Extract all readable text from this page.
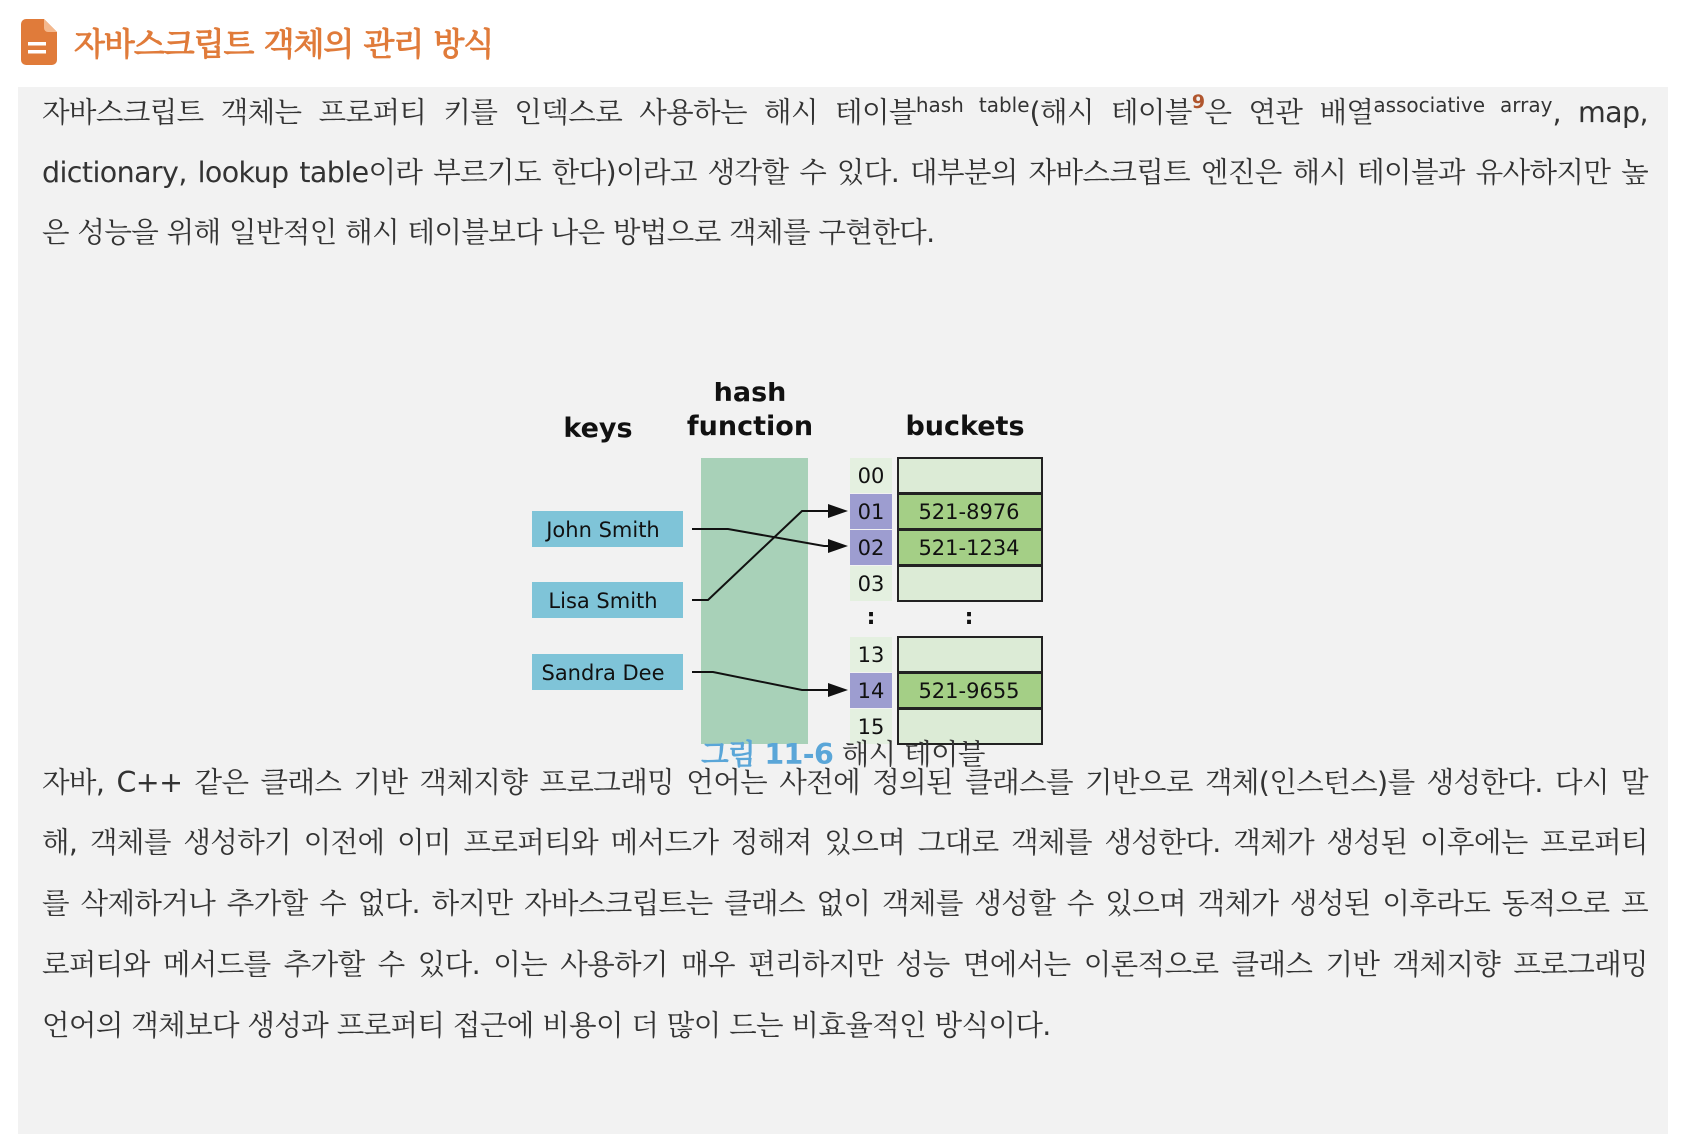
자바스크립트 객체의 관리 방식
자바스크립트 객체는 프로퍼티 키를 인덱스로 사용하는 해시 테이블$^{hash table}$(해시 테이블$^9$은 연관 배열$^{associative array}$, map,
dictionary, lookup table이라 부르기도 한다)이라고 생각할 수 있다. 대부분의 자바스크립트 엔진은 해시 테이블과 유사하지만 높
은 성능을 위해 일반적인 해시 테이블보다 나은 방법으로 객체를 구현한다.
keys
hash
function	buckets
John Smith
Lisa Smith
Sandra Dee
00
01
02
03
:
13
14
15
521-8976
521-1234
:
521-9655
그림 11-6 해시 테이블
자바, C++ 같은 클래스 기반 객체지향 프로그래밍 언어는 사전에 정의된 클래스를 기반으로 객체(인스턴스)를 생성한다. 다시 말
해, 객체를 생성하기 이전에 이미 프로퍼티와 메서드가 정해져 있으며 그대로 객체를 생성한다. 객체가 생성된 이후에는 프로퍼티
를 삭제하거나 추가할 수 없다. 하지만 자바스크립트는 클래스 없이 객체를 생성할 수 있으며 객체가 생성된 이후라도 동적으로 프
로퍼티와 메서드를 추가할 수 있다. 이는 사용하기 매우 편리하지만 성능 면에서는 이론적으로 클래스 기반 객체지향 프로그래밍
언어의 객체보다 생성과 프로퍼티 접근에 비용이 더 많이 드는 비효율적인 방식이다.
